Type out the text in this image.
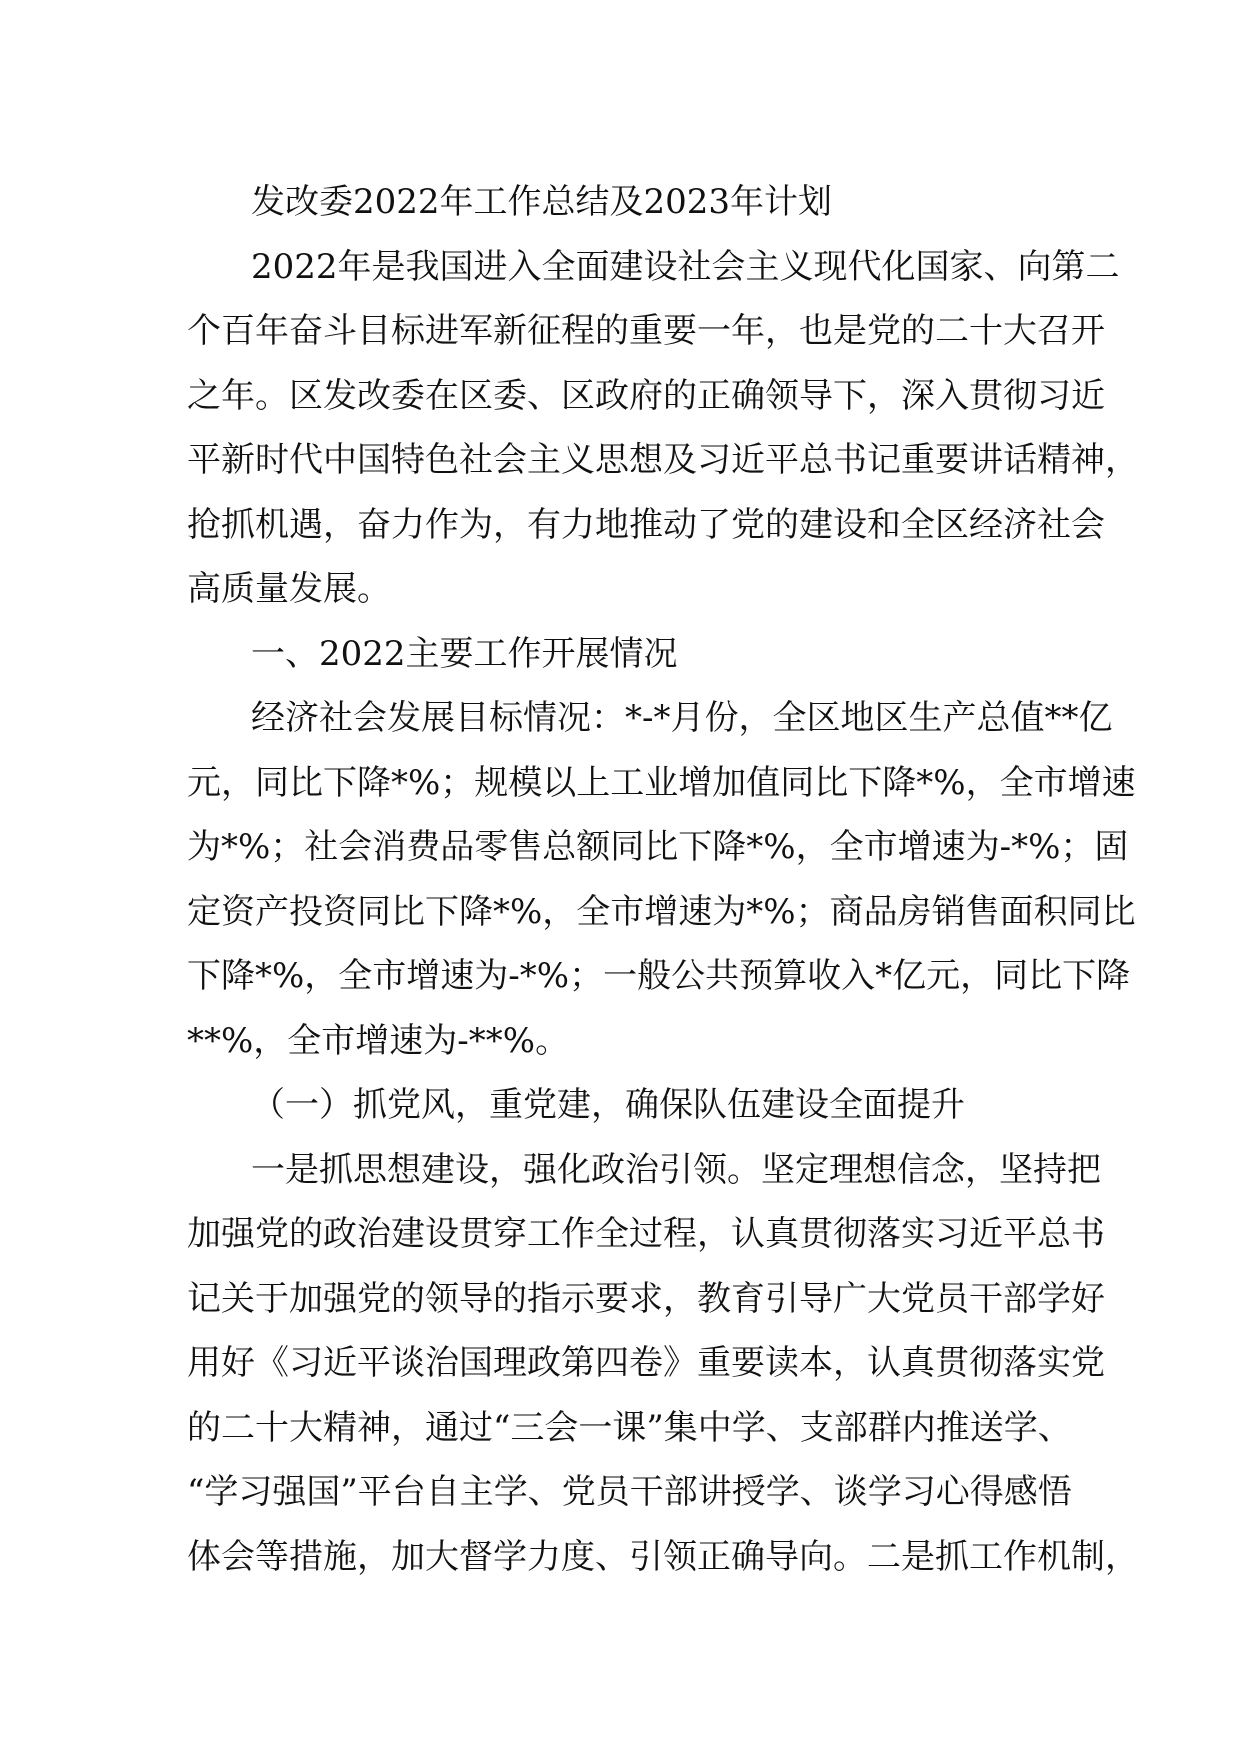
发改委2022年工作总结及2023年计划
2022年是我国进入全面建设社会主义现代化国家、向第二
个百年奋斗目标进军新征程的重要一年，也是党的二十大召开
之年。区发改委在区委、区政府的正确领导下，深入贯彻习近
平新时代中国特色社会主义思想及习近平总书记重要讲话精神，
抢抓机遇，奋力作为，有力地推动了党的建设和全区经济社会
高质量发展。
一、2022主要工作开展情况
经济社会发展目标情况：*-*月份，全区地区生产总值**亿
元，同比下降*%；规模以上工业增加值同比下降*%，全市增速
为*%；社会消费品零售总额同比下降*%，全市增速为-*%；固
定资产投资同比下降*%，全市增速为*%；商品房销售面积同比
下降*%，全市增速为-*%；一般公共预算收入*亿元，同比下降
**%，全市增速为-**%。
（一）抓党风，重党建，确保队伍建设全面提升
一是抓思想建设，强化政治引领。坚定理想信念，坚持把
加强党的政治建设贯穿工作全过程，认真贯彻落实习近平总书
记关于加强党的领导的指示要求，教育引导广大党员干部学好
用好《习近平谈治国理政第四卷》重要读本，认真贯彻落实党
的二十大精神，通过“三会一课”集中学、支部群内推送学、
“学习强国”平台自主学、党员干部讲授学、谈学习心得感悟
体会等措施，加大督学力度、引领正确导向。二是抓工作机制，
